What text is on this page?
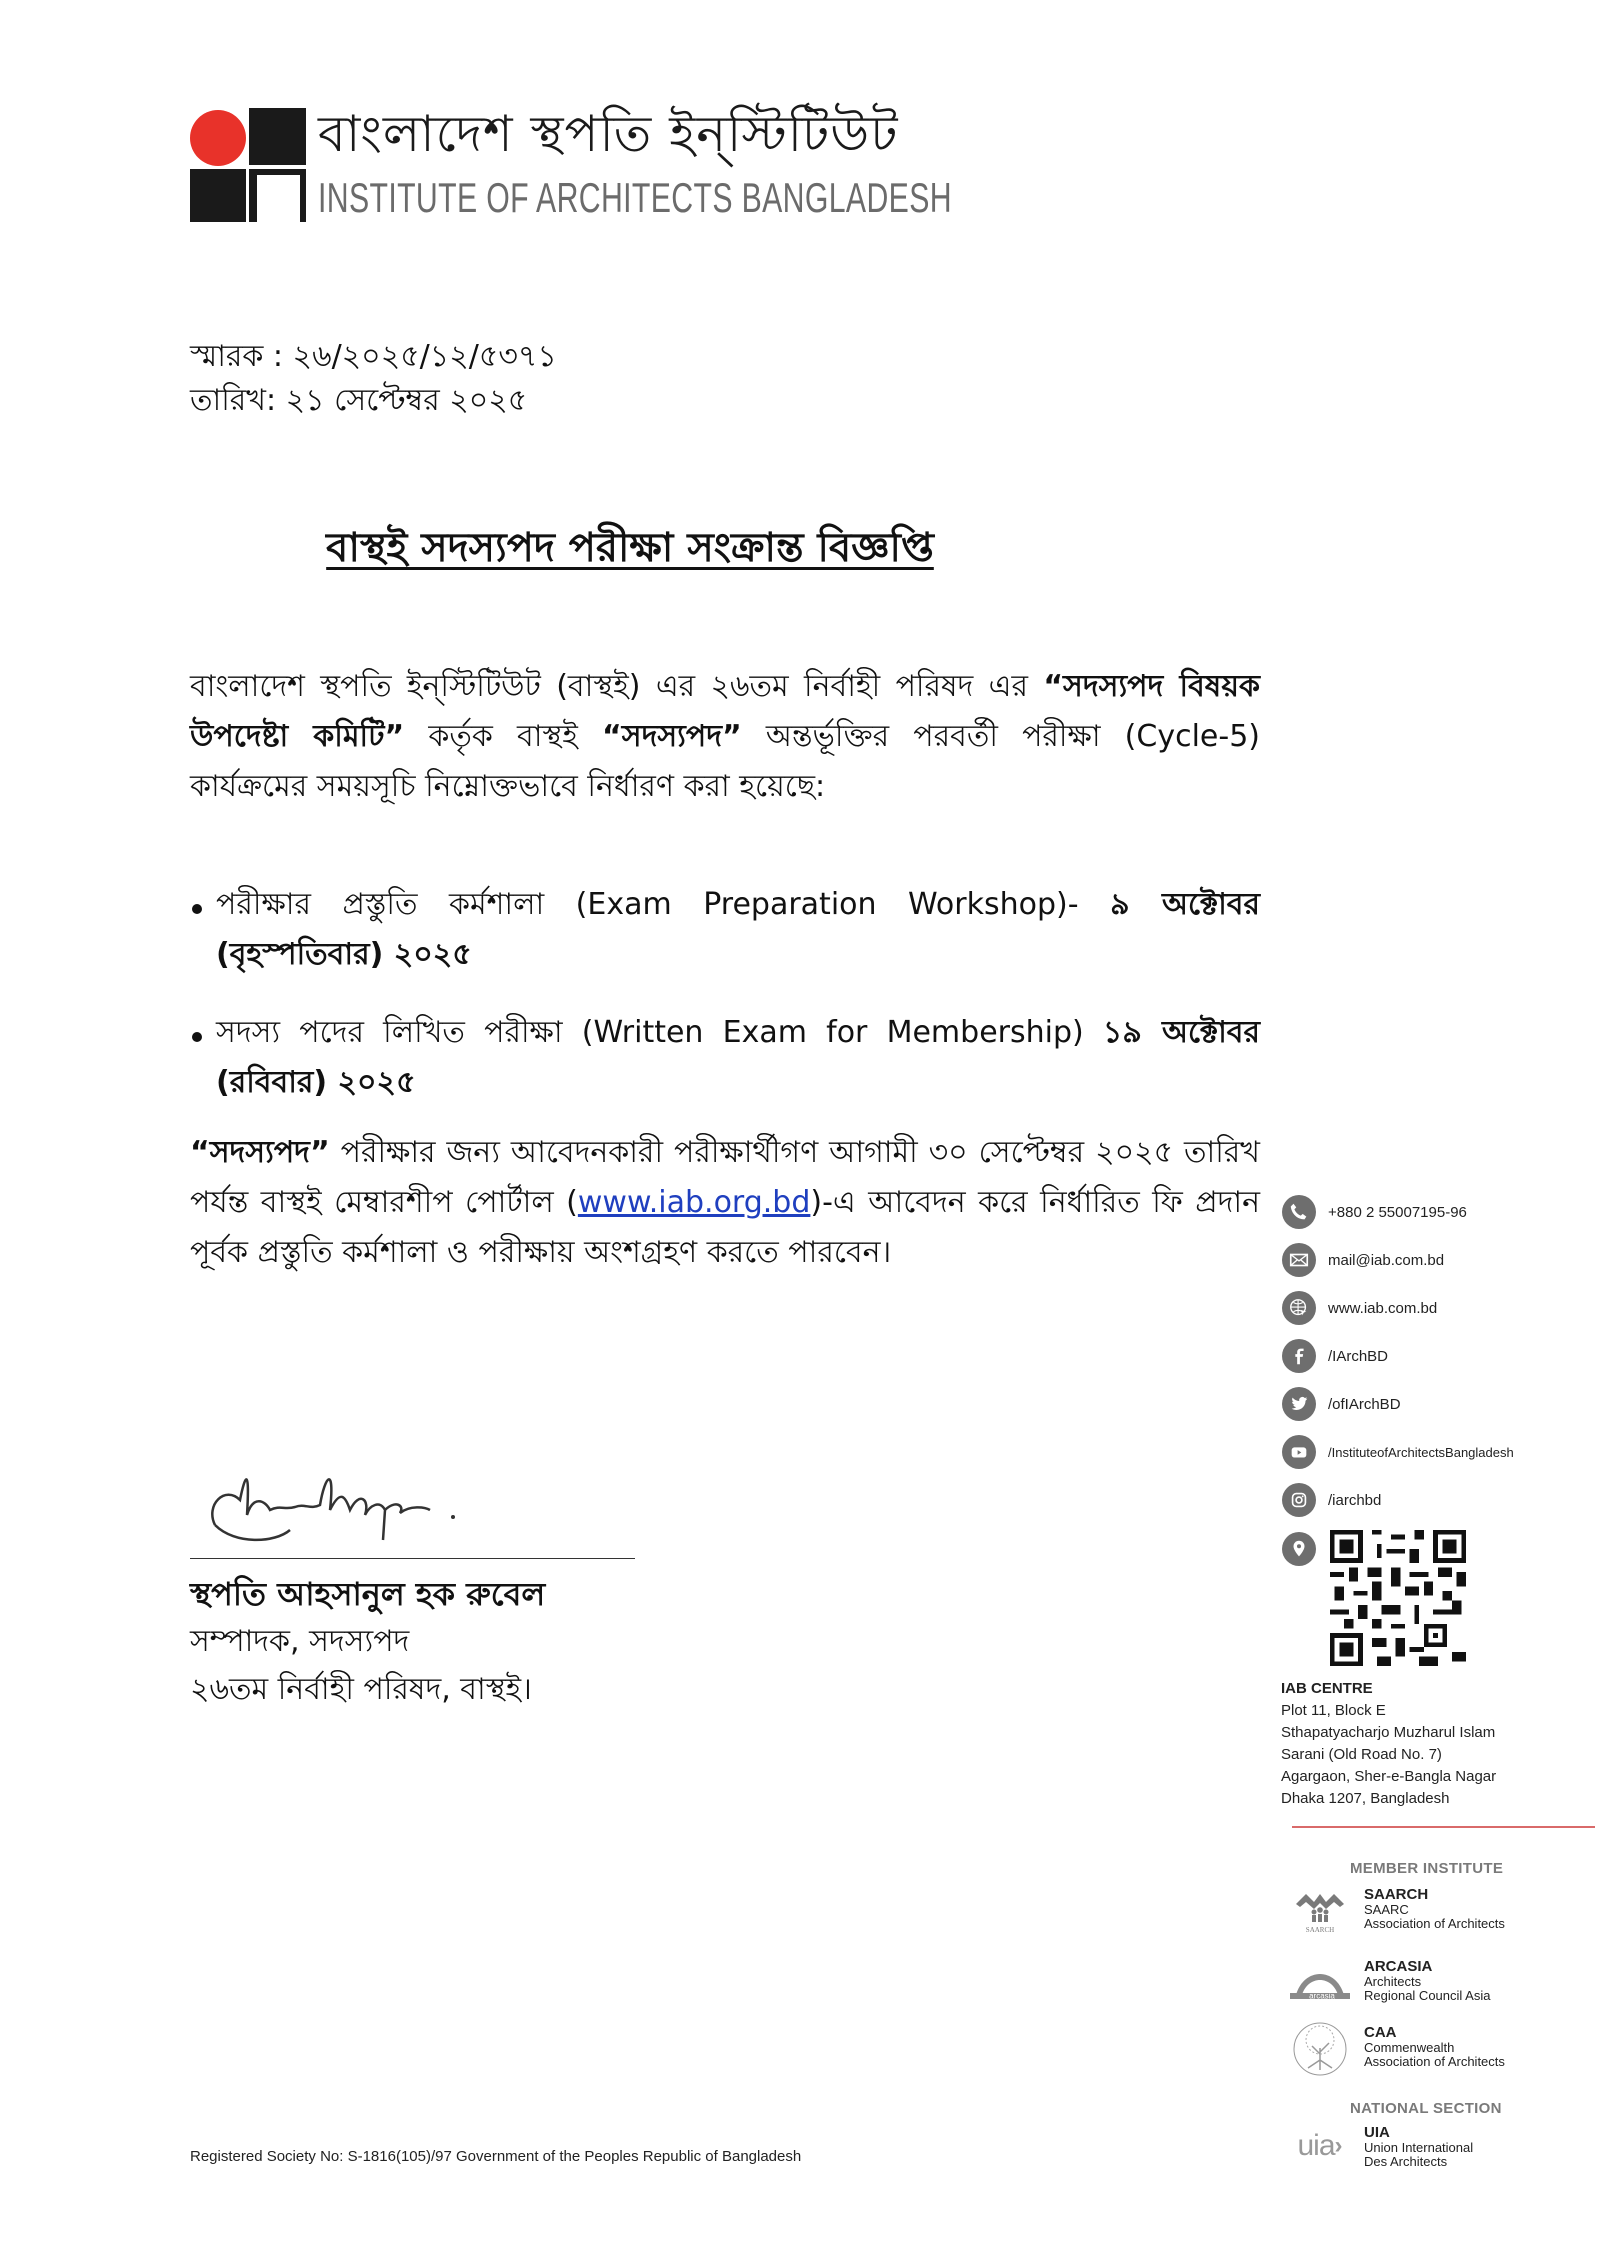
বাংলাদেশ স্থপতি ইন্‌স্টিটিউট
INSTITUTE OF ARCHITECTS BANGLADESH
স্মারক : ২৬/২০২৫/১২/৫৩৭১
তারিখ: ২১ সেপ্টেম্বর ২০২৫
বাস্থই সদস্যপদ পরীক্ষা সংক্রান্ত বিজ্ঞপ্তি
বাংলাদেশ স্থপতি ইন্‌স্টিটিউট (বাস্থই) এর ২৬তম নির্বাহী পরিষদ এর “সদস্যপদ বিষয়ক উপদেষ্টা কমিটি” কর্তৃক বাস্থই “সদস্যপদ” অন্তর্ভূক্তির পরবর্তী পরীক্ষা (Cycle-5) কার্যক্রমের সময়সূচি নিম্নোক্তভাবে নির্ধারণ করা হয়েছে:
পরীক্ষার প্রস্তুতি কর্মশালা (Exam Preparation Workshop)- ৯ অক্টোবর (বৃহস্পতিবার) ২০২৫
সদস্য পদের লিখিত পরীক্ষা (Written Exam for Membership) ১৯ অক্টোবর (রবিবার) ২০২৫
“সদস্যপদ” পরীক্ষার জন্য আবেদনকারী পরীক্ষার্থীগণ আগামী ৩০ সেপ্টেম্বর ২০২৫ তারিখ পর্যন্ত বাস্থই মেম্বারশীপ পোর্টাল (www.iab.org.bd)-এ আবেদন করে নির্ধারিত ফি প্রদান পূর্বক প্রস্তুতি কর্মশালা ও পরীক্ষায় অংশগ্রহণ করতে পারবেন।
স্থপতি আহসানুল হক রুবেল
সম্পাদক, সদস্যপদ
২৬তম নির্বাহী পরিষদ, বাস্থই।
+880 2 55007195-96
mail@iab.com.bd
www.iab.com.bd
/IArchBD
/ofIArchBD
/InstituteofArchitectsBangladesh
/iarchbd
IAB CENTRE
Plot 11, Block E
Sthapatyacharjo Muzharul Islam
Sarani (Old Road No. 7)
Agargaon, Sher-e-Bangla Nagar
Dhaka 1207, Bangladesh
MEMBER INSTITUTE
SAARCH
SAARCH
SAARC
Association of Architects
arcasia
ARCASIA
Architects
Regional Council Asia
CAA
Commenwealth
Association of Architects
NATIONAL SECTION
uia › UIA
Union International
Des Architects
Registered Society No: S-1816(105)/97 Government of the Peoples Republic of Bangladesh
